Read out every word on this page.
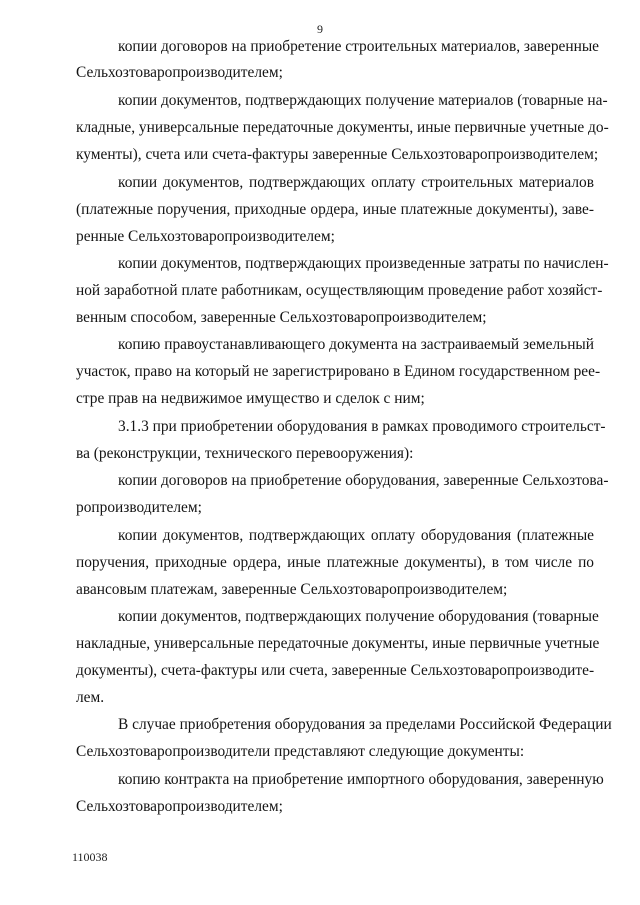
9
копии договоров на приобретение строительных материалов, заверенные
Сельхозтоваропроизводителем;
копии документов, подтверждающих получение материалов (товарные на-
кладные, универсальные передаточные документы, иные первичные учетные до-
кументы), счета или счета-фактуры заверенные Сельхозтоваропроизводителем;
копии документов, подтверждающих оплату строительных материалов
(платежные поручения, приходные ордера, иные платежные документы), заве-
ренные Сельхозтоваропроизводителем;
копии документов, подтверждающих произведенные затраты по начислен-
ной заработной плате работникам, осуществляющим проведение работ хозяйст-
венным способом, заверенные Сельхозтоваропроизводителем;
копию правоустанавливающего документа на застраиваемый земельный
участок, право на который не зарегистрировано в Едином государственном рее-
стре прав на недвижимое имущество и сделок с ним;
3.1.3 при приобретении оборудования в рамках проводимого строительст-
ва (реконструкции, технического перевооружения):
копии договоров на приобретение оборудования, заверенные Сельхозтова-
ропроизводителем;
копии документов, подтверждающих оплату оборудования (платежные
поручения, приходные ордера, иные платежные документы), в том числе по
авансовым платежам, заверенные Сельхозтоваропроизводителем;
копии документов, подтверждающих получение оборудования (товарные
накладные, универсальные передаточные документы, иные первичные учетные
документы), счета-фактуры или счета, заверенные Сельхозтоваропроизводите-
лем.
В случае приобретения оборудования за пределами Российской Федерации
Сельхозтоваропроизводители представляют следующие документы:
копию контракта на приобретение импортного оборудования, заверенную
Сельхозтоваропроизводителем;
110038
